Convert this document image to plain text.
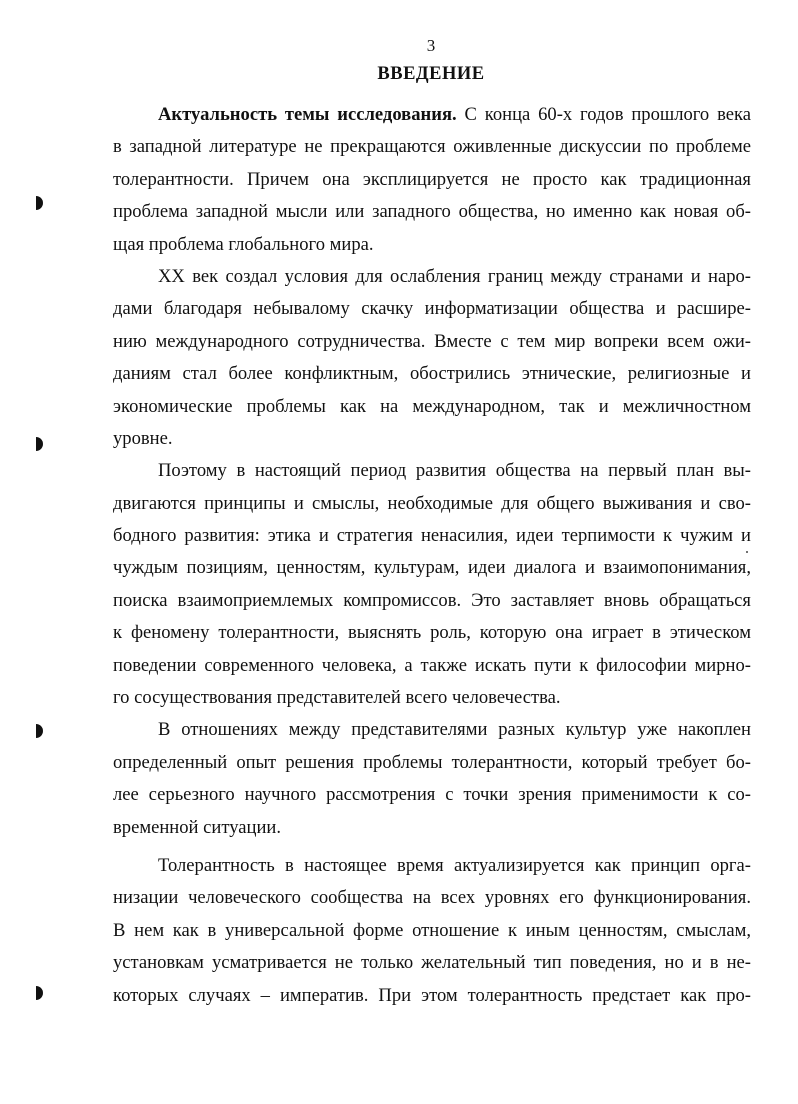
3
ВВЕДЕНИЕ
Актуальность темы исследования. С конца 60-х годов прошлого века
в западной литературе не прекращаются оживленные дискуссии по проблеме
толерантности. Причем она эксплицируется не просто как традиционная
проблема западной мысли или западного общества, но именно как новая об-
щая проблема глобального мира.
XX век создал условия для ослабления границ между странами и наро-
дами благодаря небывалому скачку информатизации общества и расшире-
нию международного сотрудничества. Вместе с тем мир вопреки всем ожи-
даниям стал более конфликтным, обострились этнические, религиозные и
экономические проблемы как на международном, так и межличностном
уровне.
Поэтому в настоящий период развития общества на первый план вы-
двигаются принципы и смыслы, необходимые для общего выживания и сво-
бодного развития: этика и стратегия ненасилия, идеи терпимости к чужим и
чуждым позициям, ценностям, культурам, идеи диалога и взаимопонимания,
поиска взаимоприемлемых компромиссов. Это заставляет вновь обращаться
к феномену толерантности, выяснять роль, которую она играет в этическом
поведении современного человека, а также искать пути к философии мирно-
го сосуществования представителей всего человечества.
В отношениях между представителями разных культур уже накоплен
определенный опыт решения проблемы толерантности, который требует бо-
лее серьезного научного рассмотрения с точки зрения применимости к со-
временной ситуации.
Толерантность в настоящее время актуализируется как принцип орга-
низации человеческого сообщества на всех уровнях его функционирования.
В нем как в универсальной форме отношение к иным ценностям, смыслам,
установкам усматривается не только желательный тип поведения, но и в не-
которых случаях – императив. При этом толерантность предстает как про-
